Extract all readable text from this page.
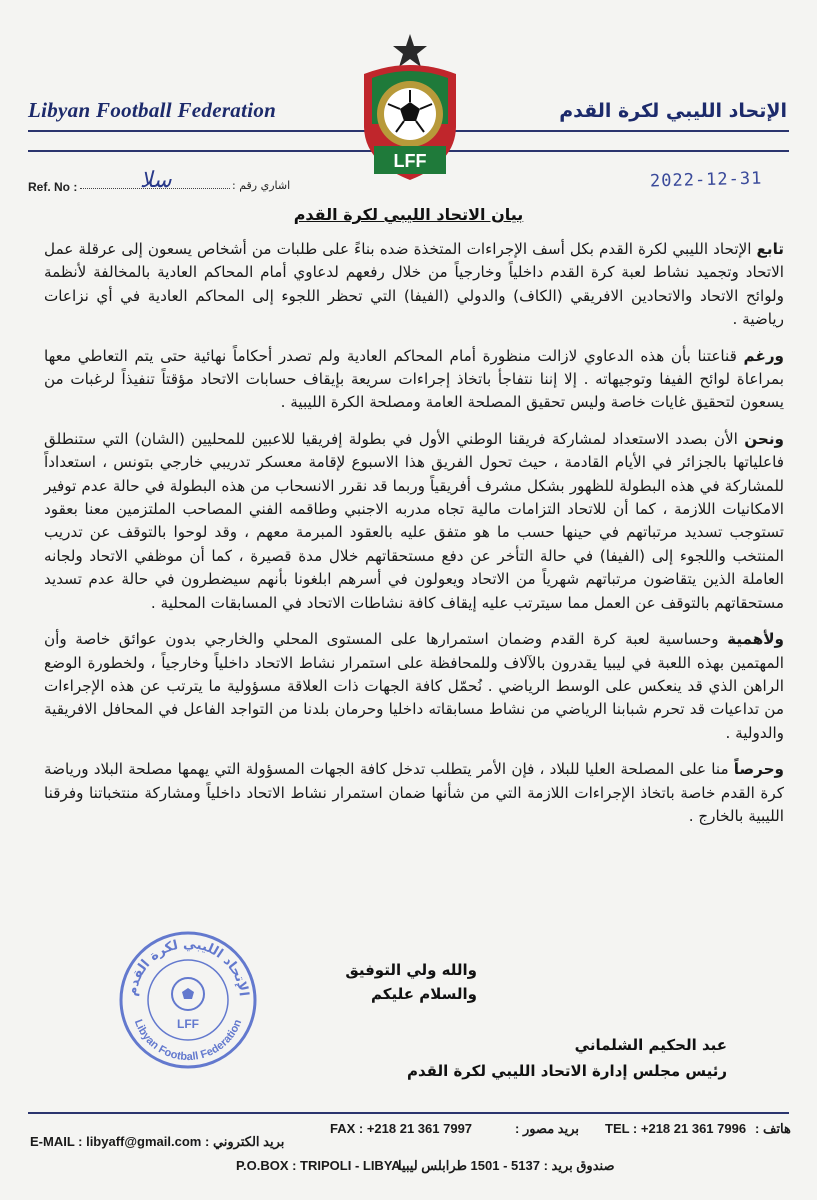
Libyan Football Federation	الإتحاد الليبي لكرة القدم
LFF
Ref. No :	سلا	اشاري رقم :	2022-12-31
بيان الاتحاد الليبي لكرة القدم

تابع الإتحاد الليبي لكرة القدم بكل أسف الإجراءات المتخذة ضده بناءً على طلبات من أشخاص يسعون إلى عرقلة عمل الاتحاد وتجميد نشاط لعبة كرة القدم داخلياً وخارجياً من خلال رفعهم لدعاوي أمام المحاكم العادية بالمخالفة لأنظمة ولوائح الاتحاد والاتحادين الافريقي (الكاف) والدولي (الفيفا) التي تحظر اللجوء إلى المحاكم العادية في أي نزاعات رياضية .

ورغم قناعتنا بأن هذه الدعاوي لازالت منظورة أمام المحاكم العادية ولم تصدر أحكاماً نهائية حتى يتم التعاطي معها بمراعاة لوائح الفيفا وتوجيهاته . إلا إننا نتفاجأ باتخاذ إجراءات سريعة بإيقاف حسابات الاتحاد مؤقتاً تنفيذاً لرغبات من يسعون لتحقيق غايات خاصة وليس تحقيق المصلحة العامة ومصلحة الكرة الليبية .

ونحن الأن بصدد الاستعداد لمشاركة فريقنا الوطني الأول في بطولة إفريقيا للاعبين للمحليين (الشان) التي ستنطلق فاعلياتها بالجزائر في الأيام القادمة ، حيث تحول الفريق هذا الاسبوع لإقامة معسكر تدريبي خارجي بتونس ، استعداداً للمشاركة في هذه البطولة للظهور بشكل مشرف أفريقياً وربما قد نقرر الانسحاب من هذه البطولة في حالة عدم توفير الامكانيات اللازمة ، كما أن للاتحاد التزامات مالية تجاه مدربه الاجنبي وطاقمه الفني المصاحب الملتزمين معنا بعقود تستوجب تسديد مرتباتهم في حينها حسب ما هو متفق عليه بالعقود المبرمة معهم ، وقد لوحوا بالتوقف عن تدريب المنتخب واللجوء إلى (الفيفا) في حالة التأخر عن دفع مستحقاتهم خلال مدة قصيرة ، كما أن موظفي الاتحاد ولجانه العاملة الذين يتقاضون مرتباتهم شهرياً من الاتحاد ويعولون في أسرهم ابلغونا بأنهم سيضطرون في حالة عدم تسديد مستحقاتهم بالتوقف عن العمل مما سيترتب عليه إيقاف كافة نشاطات الاتحاد في المسابقات المحلية .

ولأهمية وحساسية لعبة كرة القدم وضمان استمرارها على المستوى المحلي والخارجي بدون عوائق خاصة وأن المهتمين بهذه اللعبة في ليبيا يقدرون بالآلاف وللمحافظة على استمرار نشاط الاتحاد داخلياً وخارجياً ، ولخطورة الوضع الراهن الذي قد ينعكس على الوسط الرياضي . نُحمّل كافة الجهات ذات العلاقة مسؤولية ما يترتب عن هذه الإجراءات من تداعيات قد تحرم شبابنا الرياضي من نشاط مسابقاته داخليا وحرمان بلدنا من التواجد الفاعل في المحافل الافريقية والدولية .

وحرصاً منا على المصلحة العليا للبلاد ، فإن الأمر يتطلب تدخل كافة الجهات المسؤولة التي يهمها مصلحة البلاد ورياضة كرة القدم خاصة باتخاذ الإجراءات اللازمة التي من شأنها ضمان استمرار نشاط الاتحاد داخلياً ومشاركة منتخباتنا وفرقنا الليبية بالخارج .

والله ولي التوفيق
والسلام عليكم
الإتحاد الليبي لكرة القدم
Libyan Football Federation
LFF
عبد الحكيم الشلماني
رئيس مجلس إدارة الاتحاد الليبي لكرة القدم
E-MAIL : libyaff@gmail.com بريد الكتروني :
FAX : +218 21 361 7997	بريد مصور : TEL : +218 21 361 7996 هاتف :
P.O.BOX : TRIPOLI - LIBYA
صندوق بريد : 5137 - 1501 طرابلس ليبيا
